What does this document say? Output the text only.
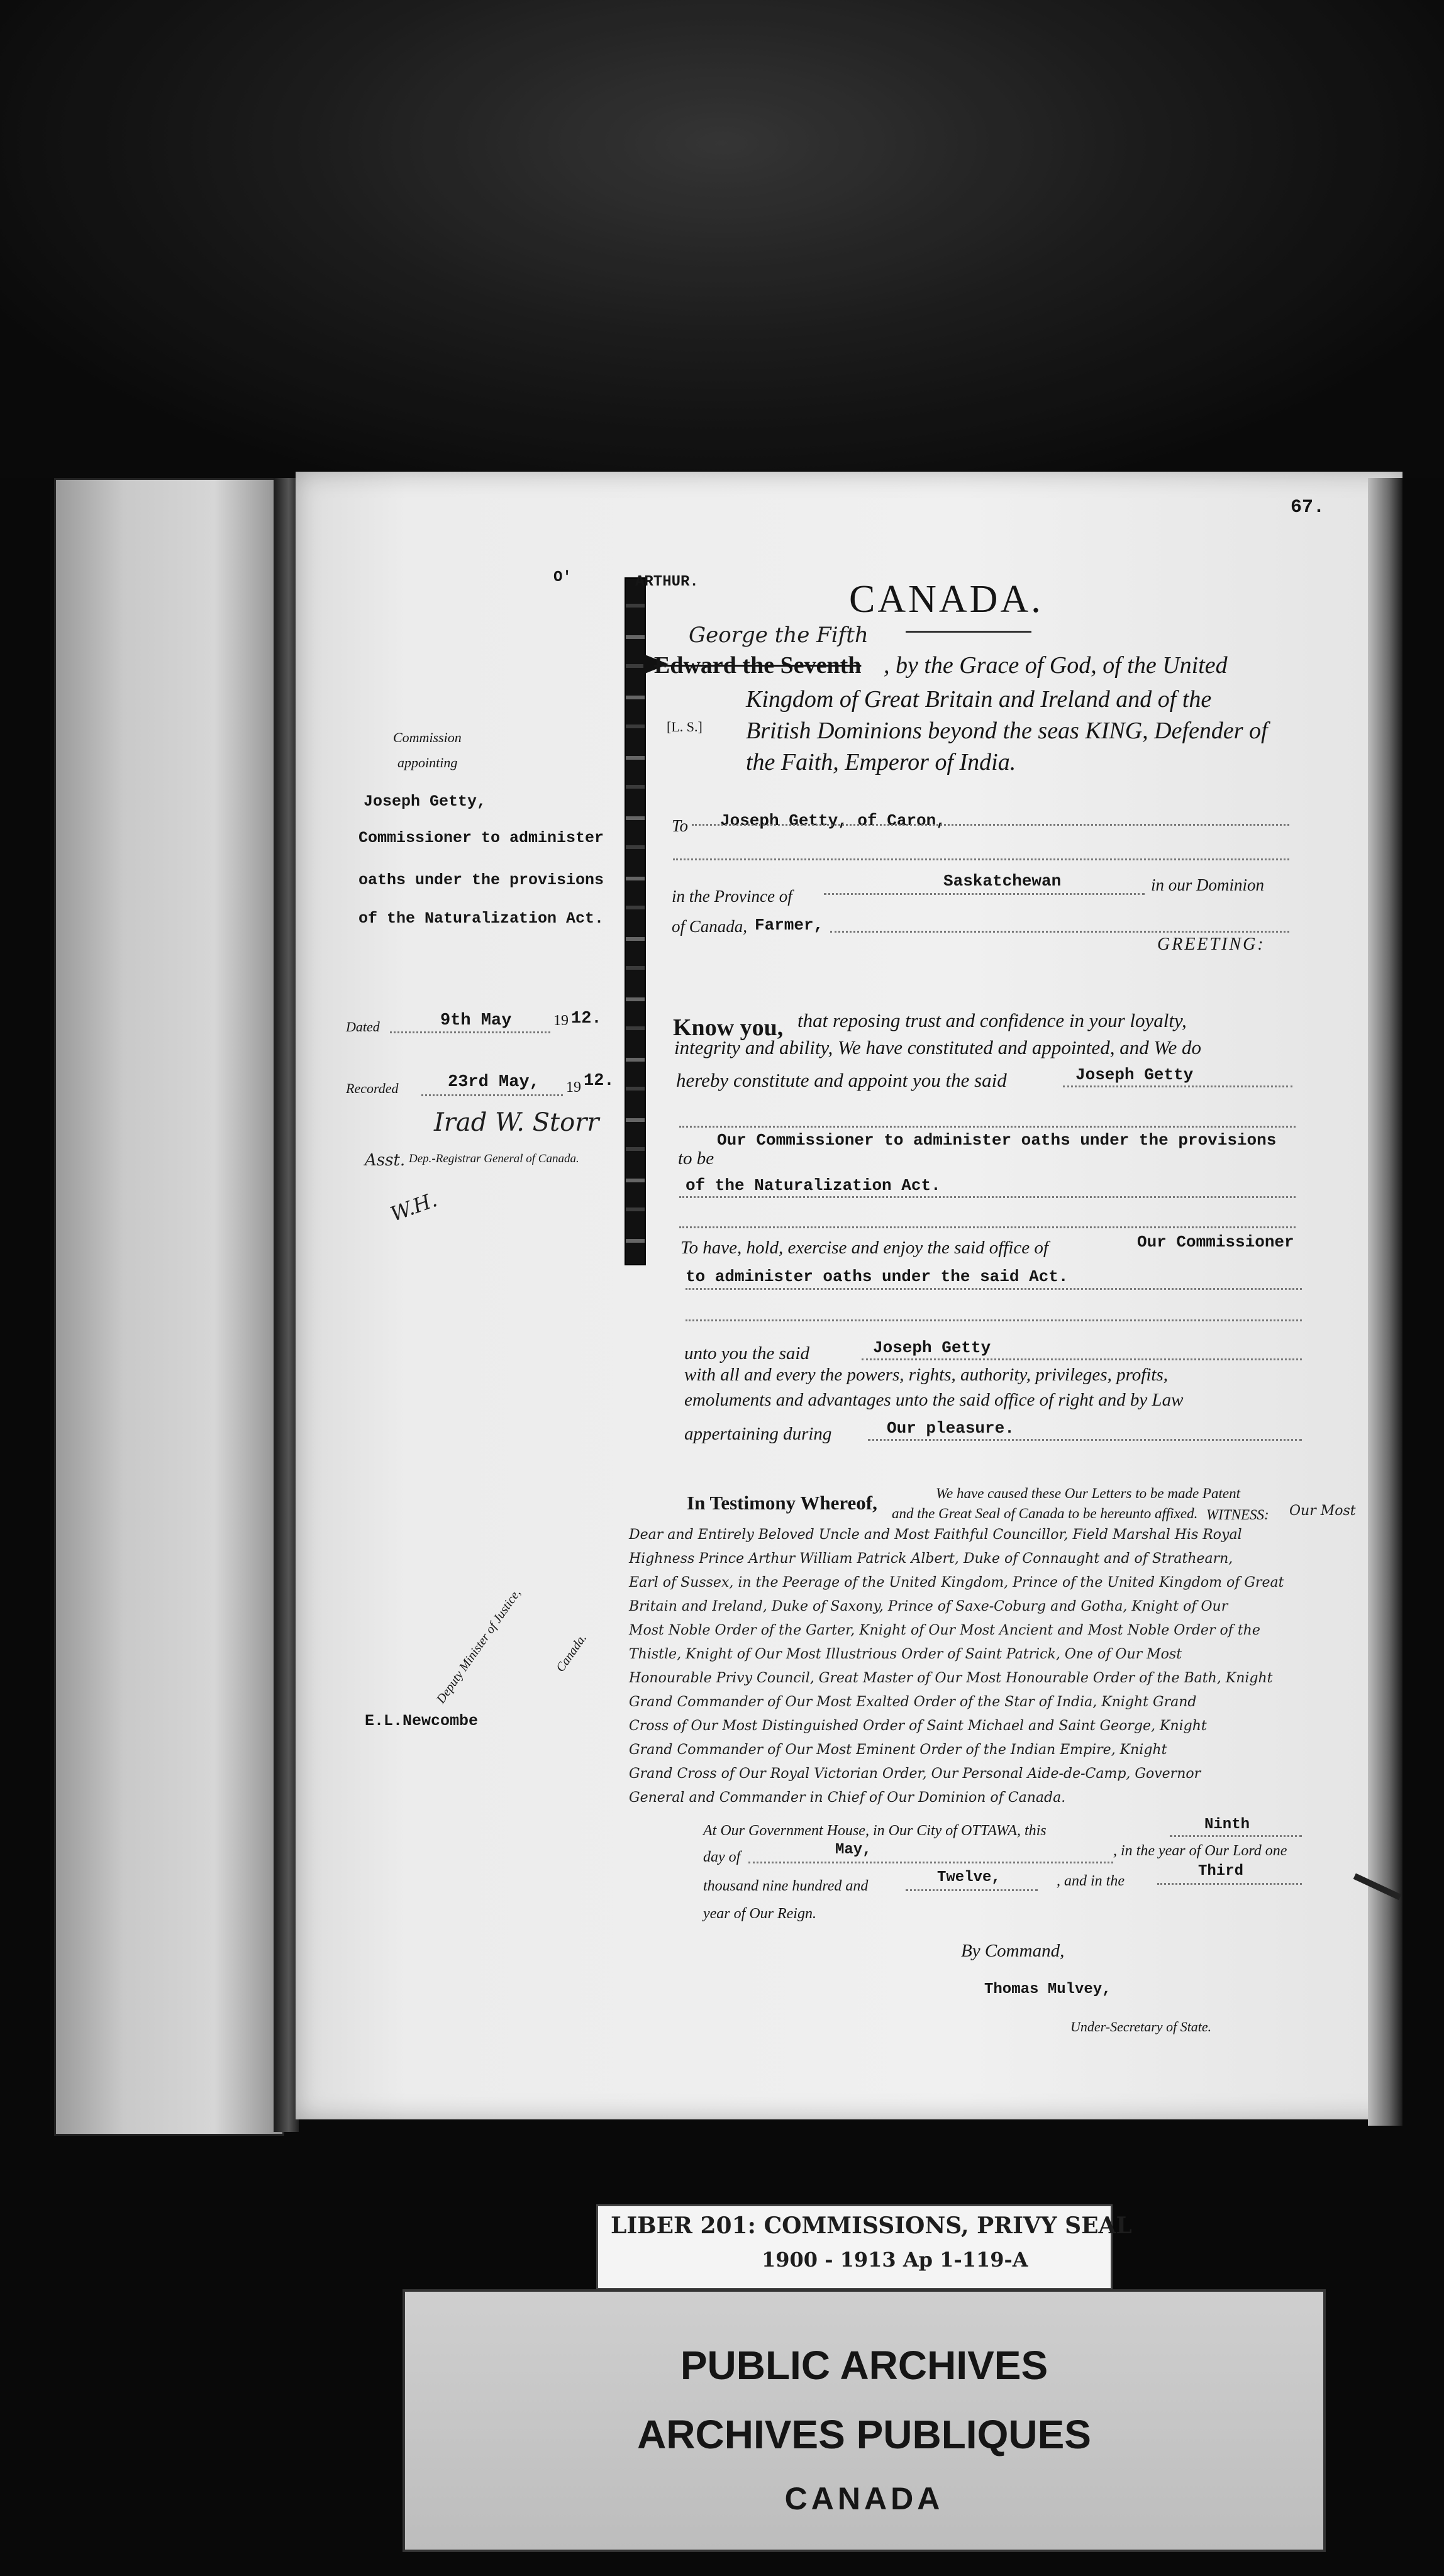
67.
O'	ARTHUR.	CANADA.
George the Fifth
Edward the Seventh , by the Grace of God, of the United
[L. S.]
Kingdom of Great Britain and Ireland and of the
British Dominions beyond the seas KING, Defender of
the Faith, Emperor of India.
Commission
appointing
Joseph Getty,
Commissioner to administer
oaths under the provisions
of the Naturalization Act.
Dated	9th May	19 12.
Recorded	23rd May, 19 12.
Irad W. Storr
Asst. Dep.-Registrar General of Canada.
W.H.
E.L.Newcombe
Deputy Minister of Justice, Canada.
To Joseph Getty, of Caron,
in the Province of
Saskatchewan	in our Dominion
of Canada, Farmer,
GREETING:
Know you, that reposing trust and confidence in your loyalty,
integrity and ability, We have constituted and appointed, and We do
hereby constitute and appoint you the said	Joseph Getty
to be
Our Commissioner to administer oaths under the provisions
of the Naturalization Act.
To have, hold, exercise and enjoy the said office of	Our Commissioner
to administer oaths under the said Act.
unto you the said	Joseph Getty
with all and every the powers, rights, authority, privileges, profits,
emoluments and advantages unto the said office of right and by Law
appertaining during	Our pleasure.
In Testimony Whereof,	We have caused these Our Letters to be made Patent
and the Great Seal of Canada to be hereunto affixed. WITNESS: Our Most
Dear and Entirely Beloved Uncle and Most Faithful Councillor, Field Marshal His Royal
Highness Prince Arthur William Patrick Albert, Duke of Connaught and of Strathearn,
Earl of Sussex, in the Peerage of the United Kingdom, Prince of the United Kingdom of Great
Britain and Ireland, Duke of Saxony, Prince of Saxe-Coburg and Gotha, Knight of Our
Most Noble Order of the Garter, Knight of Our Most Ancient and Most Noble Order of the
Thistle, Knight of Our Most Illustrious Order of Saint Patrick, One of Our Most
Honourable Privy Council, Great Master of Our Most Honourable Order of the Bath, Knight
Grand Commander of Our Most Exalted Order of the Star of India, Knight Grand
Cross of Our Most Distinguished Order of Saint Michael and Saint George, Knight
Grand Commander of Our Most Eminent Order of the Indian Empire, Knight
Grand Cross of Our Royal Victorian Order, Our Personal Aide-de-Camp, Governor
General and Commander in Chief of Our Dominion of Canada.
At Our Government House, in Our City of OTTAWA, this	Ninth
day of	May,	, in the year of Our Lord one
thousand nine hundred and	Twelve,	, and in the
Third
year of Our Reign.
By Command,
Thomas Mulvey,
Under-Secretary of State.
LIBER 201: COMMISSIONS, PRIVY SEAL
1900 - 1913 Ap 1-119-A
PUBLIC ARCHIVES
ARCHIVES PUBLIQUES
CANADA
